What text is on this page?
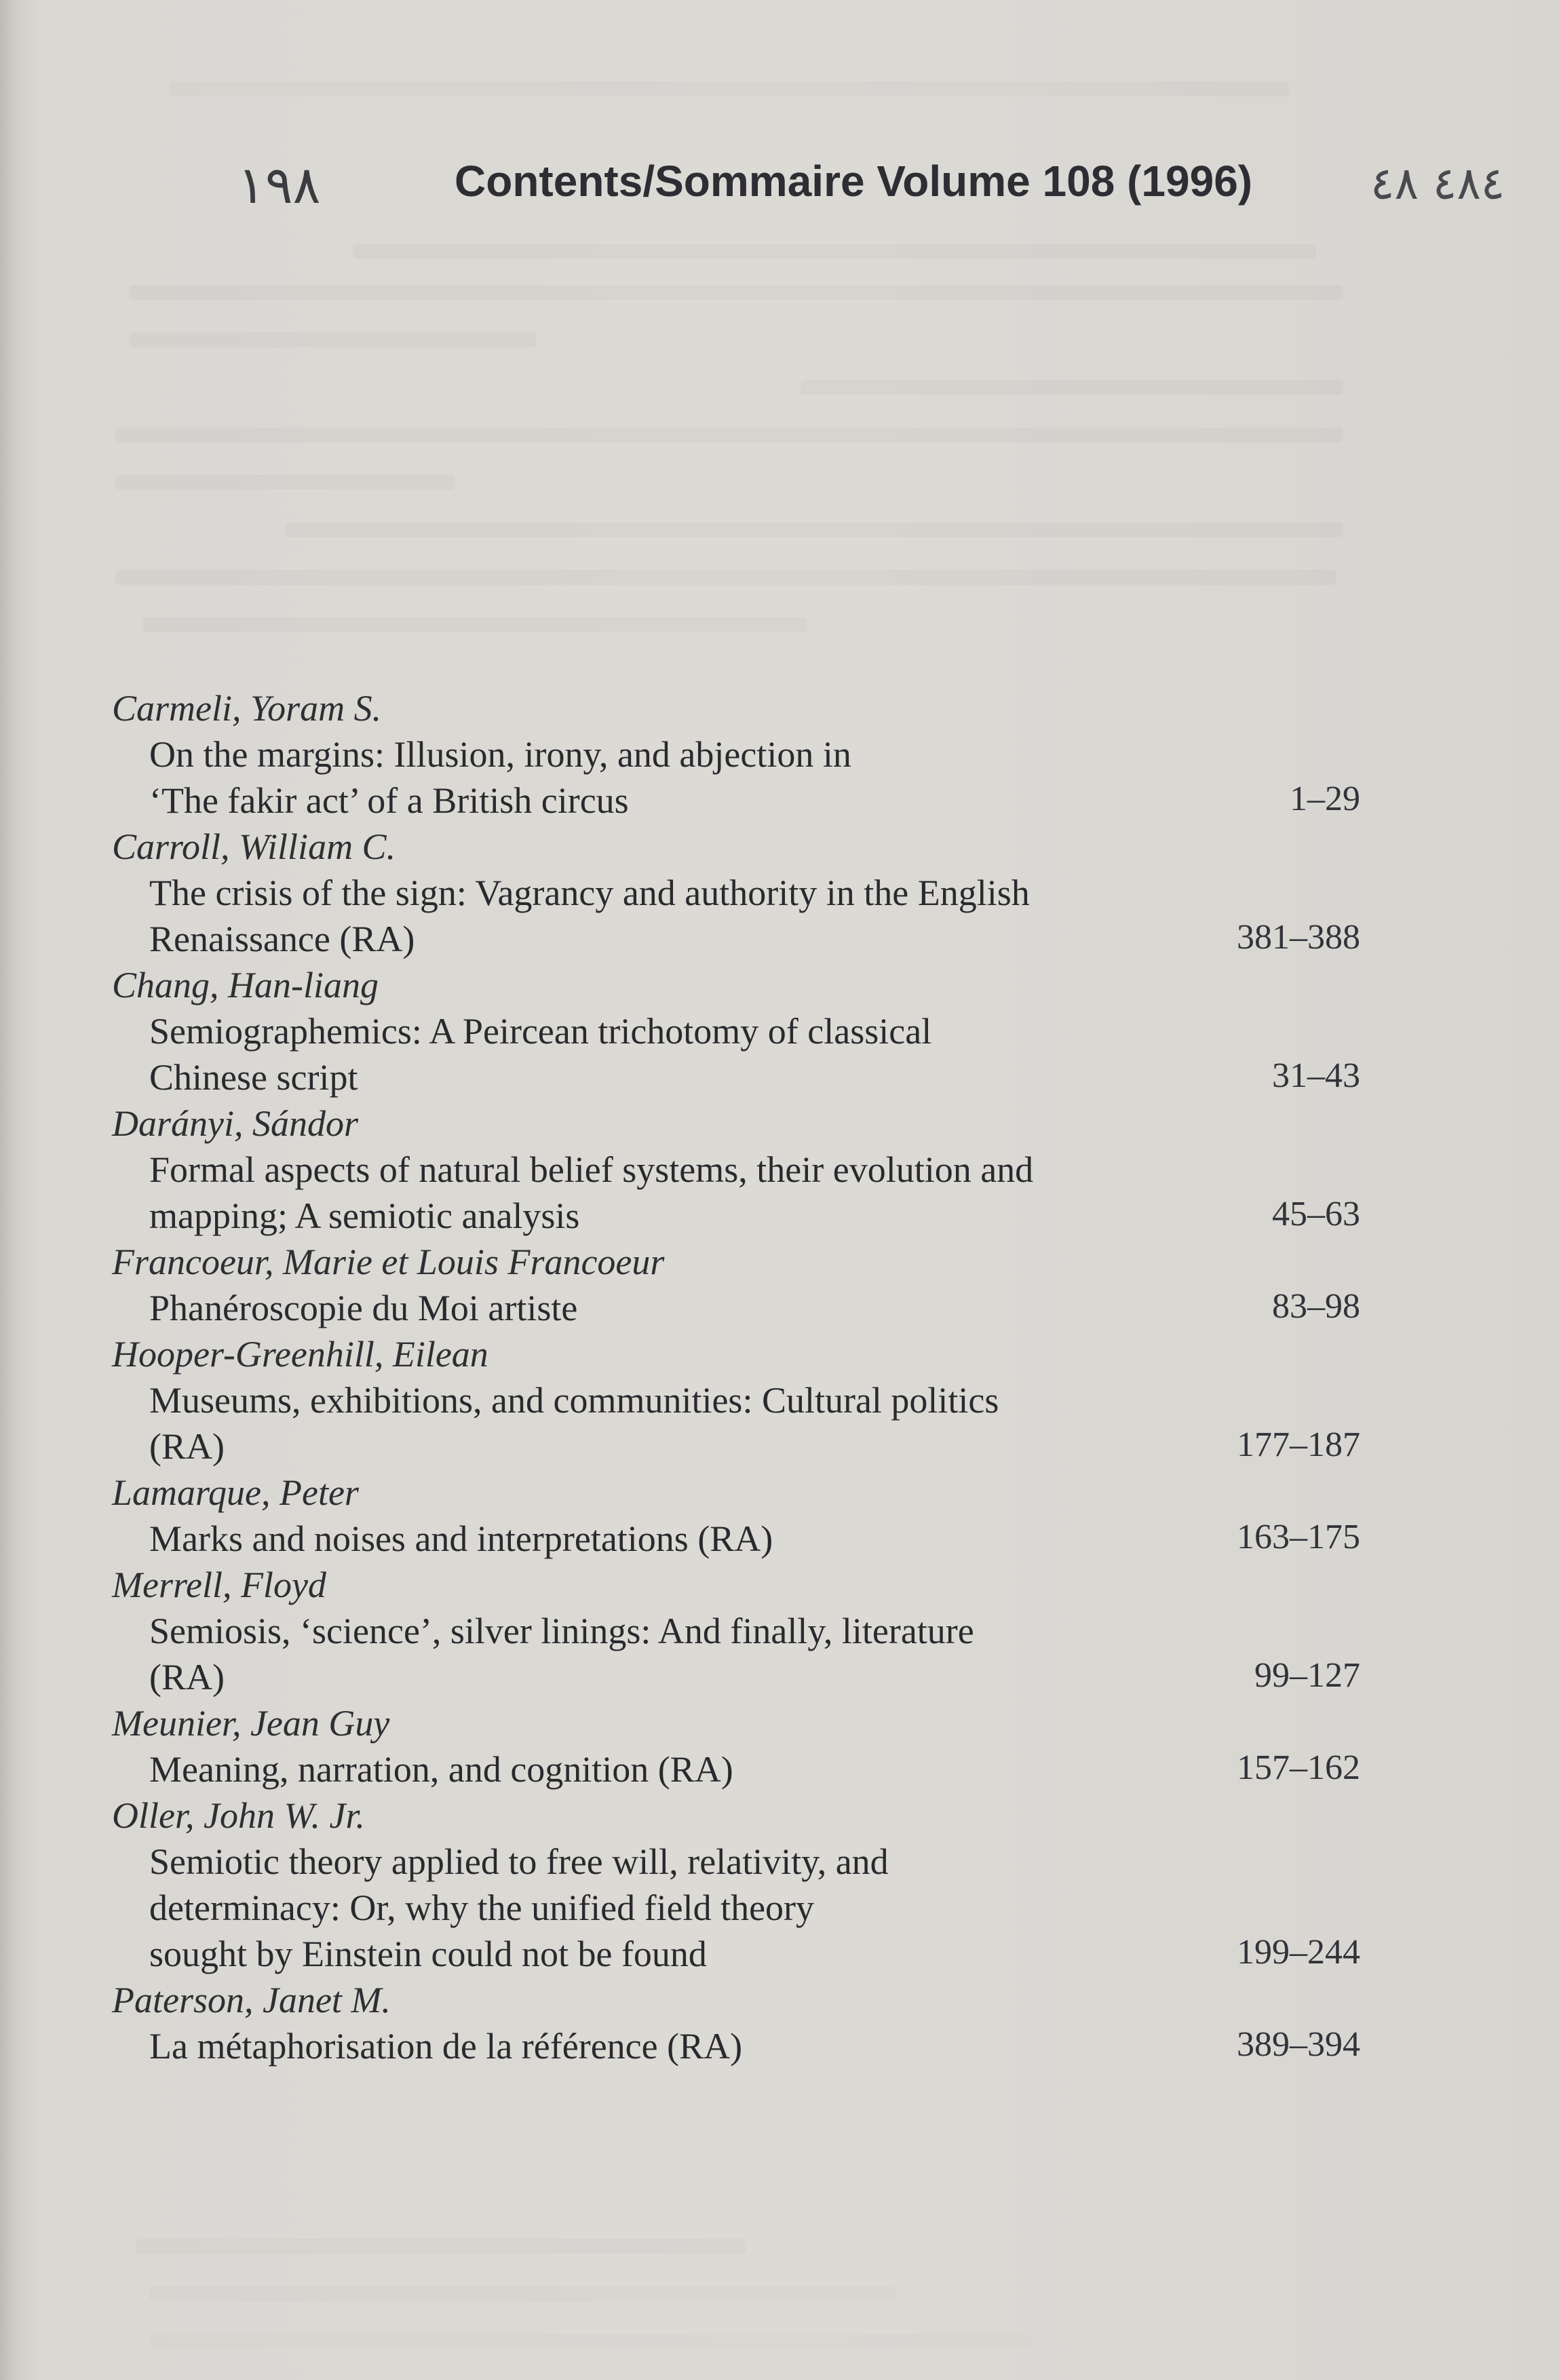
١٩٨	Contents/Sommaire Volume 108 (1996)	٤٨٤ ٤٨
Carmeli, Yoram S.
On the margins: Illusion, irony, and abjection in
‘The fakir act’ of a British circus	1–29
Carroll, William C.
The crisis of the sign: Vagrancy and authority in the English
Renaissance (RA)	381–388
Chang, Han-liang
Semiographemics: A Peircean trichotomy of classical
Chinese script	31–43
Darányi, Sándor
Formal aspects of natural belief systems, their evolution and
mapping; A semiotic analysis	45–63
Francoeur, Marie et Louis Francoeur
Phanéroscopie du Moi artiste	83–98
Hooper-Greenhill, Eilean
Museums, exhibitions, and communities: Cultural politics
(RA)	177–187
Lamarque, Peter
Marks and noises and interpretations (RA)	163–175
Merrell, Floyd
Semiosis, ‘science’, silver linings: And finally, literature
(RA)	99–127
Meunier, Jean Guy
Meaning, narration, and cognition (RA)	157–162
Oller, John W. Jr.
Semiotic theory applied to free will, relativity, and
determinacy: Or, why the unified field theory
sought by Einstein could not be found	199–244
Paterson, Janet M.
La métaphorisation de la référence (RA)	389–394
